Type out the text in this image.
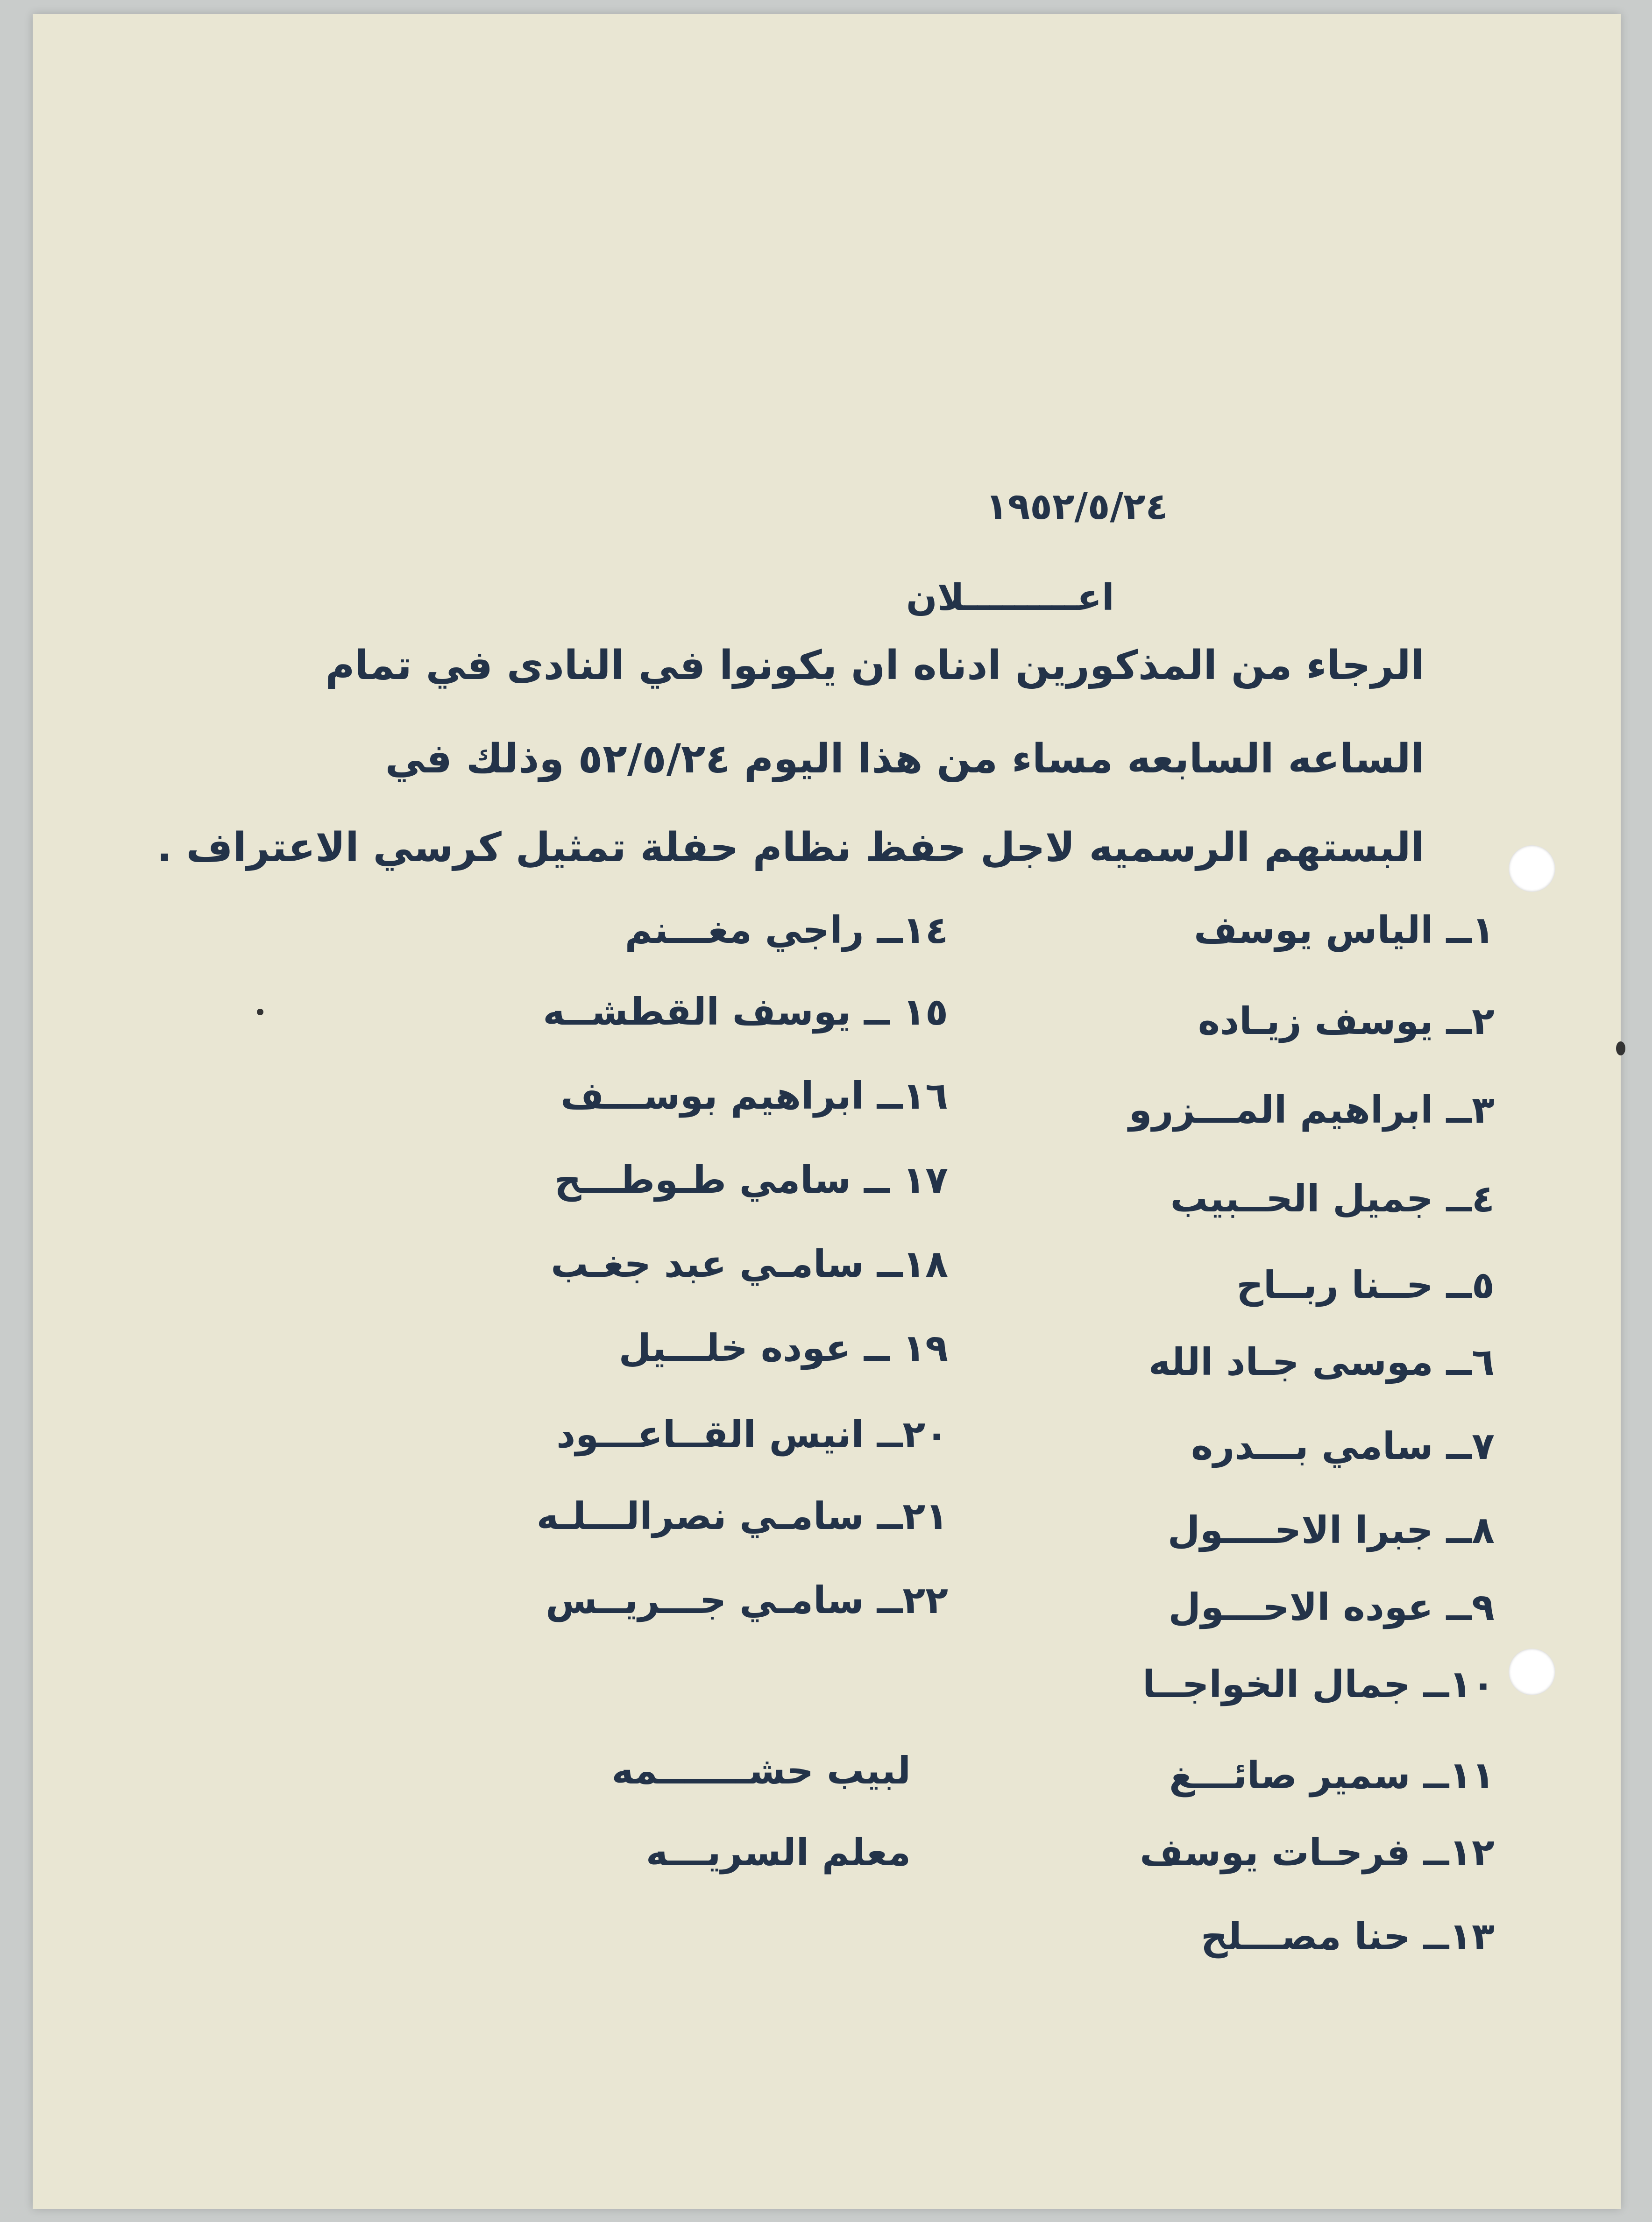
١٩٥٢/٥/٢٤
اعـــــــــلان
الرجاء من المذكورين ادناه ان يكونوا في النادى في تمام
الساعه السابعه مساء من هذا اليوم ٥٢/٥/٢٤ وذلك في
البستهم الرسميه لاجل حفظ نظام حفلة تمثيل كرسي الاعتراف .
١ــ الياس يوسف
٢ــ يوسف زيـاده
٣ــ ابراهيم المـــزرو
٤ــ جميل الحــبيب
٥ــ حــنا ربــاح
٦ــ موسى جـاد الله
٧ــ سامي بـــدره
٨ــ جبرا الاحــــول
٩ــ عوده الاحـــول
١٠ــ جمال الخواجــا
١١ــ سمير صائـــغ
١٢ــ فرحـات يوسف
١٣ــ حنا مصـــلح
١٤ــ راجي مغـــنم
١٥ ــ يوسف القطشــه
١٦ــ ابراهيم بوســـف
١٧ ــ سامي طـوطـــح
١٨ــ سامـي عبد جغـب
١٩ ــ عوده خلـــيل
٢٠ــ انيس القــاعـــود
٢١ــ سامـي نصرالـــلـه
٢٢ــ سامـي جـــريــس
لبيب حشـــــــمه
معلم السريـــه
